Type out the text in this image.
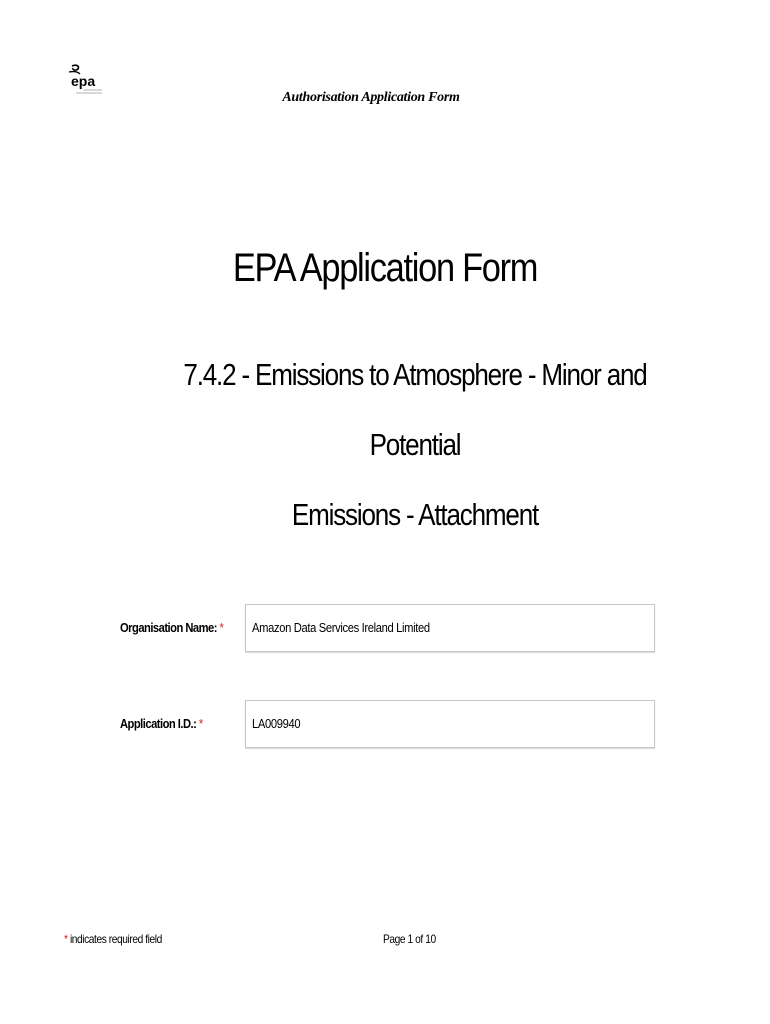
epa
Authorisation Application Form
EPA Application Form
7.4.2 - Emissions to Atmosphere - Minor and Potential
Emissions - Attachment
Organisation Name: * Amazon Data Services Ireland Limited
Application I.D.: *	LA009940
* indicates required field	Page 1 of 10
